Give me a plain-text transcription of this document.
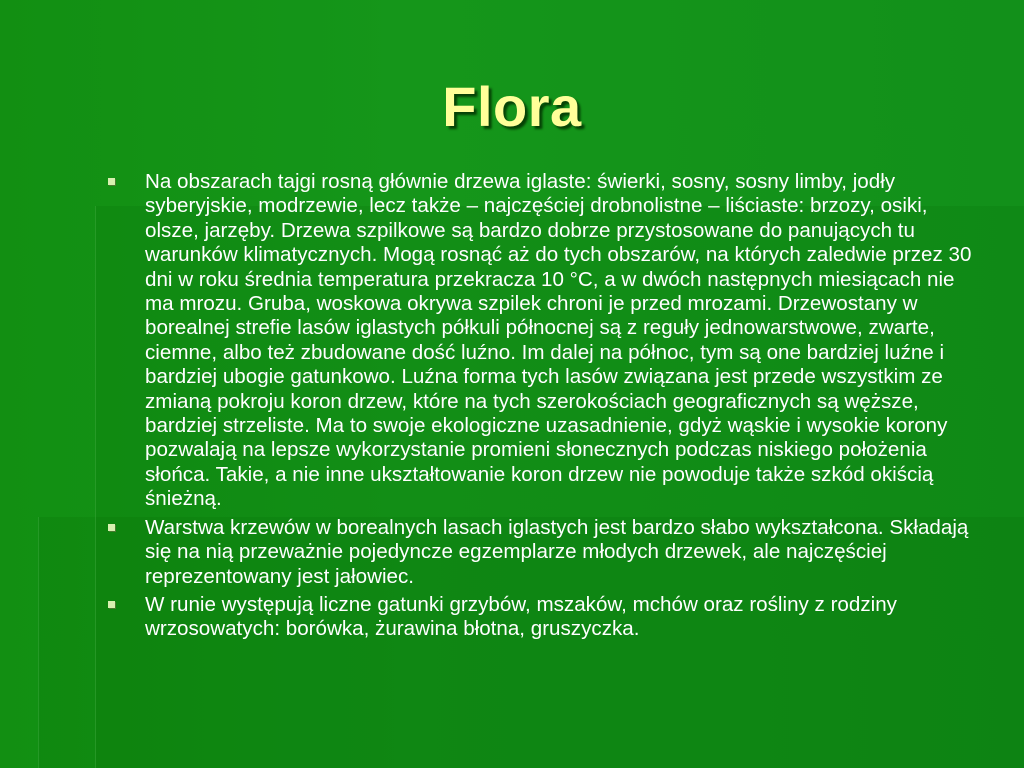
Flora
Na obszarach tajgi rosną głównie drzewa iglaste: świerki, sosny, sosny limby, jodły syberyjskie, modrzewie, lecz także – najczęściej drobnolistne – liściaste: brzozy, osiki, olsze, jarzęby. Drzewa szpilkowe są bardzo dobrze przystosowane do panujących tu warunków klimatycznych. Mogą rosnąć aż do tych obszarów, na których zaledwie przez 30 dni w roku średnia temperatura przekracza 10 °C, a w dwóch następnych miesiącach nie ma mrozu. Gruba, woskowa okrywa szpilek chroni je przed mrozami. Drzewostany w borealnej strefie lasów iglastych półkuli północnej są z reguły jednowarstwowe, zwarte, ciemne, albo też zbudowane dość luźno. Im dalej na północ, tym są one bardziej luźne i bardziej ubogie gatunkowo. Luźna forma tych lasów związana jest przede wszystkim ze zmianą pokroju koron drzew, które na tych szerokościach geograficznych są węższe, bardziej strzeliste. Ma to swoje ekologiczne uzasadnienie, gdyż wąskie i wysokie korony pozwalają na lepsze wykorzystanie promieni słonecznych podczas niskiego położenia słońca. Takie, a nie inne ukształtowanie koron drzew nie powoduje także szkód okiścią śnieżną.
Warstwa krzewów w borealnych lasach iglastych jest bardzo słabo wykształcona. Składają się na nią przeważnie pojedyncze egzemplarze młodych drzewek, ale najczęściej reprezentowany jest jałowiec.
W runie występują liczne gatunki grzybów, mszaków, mchów oraz rośliny z rodziny wrzosowatych: borówka, żurawina błotna, gruszyczka.
